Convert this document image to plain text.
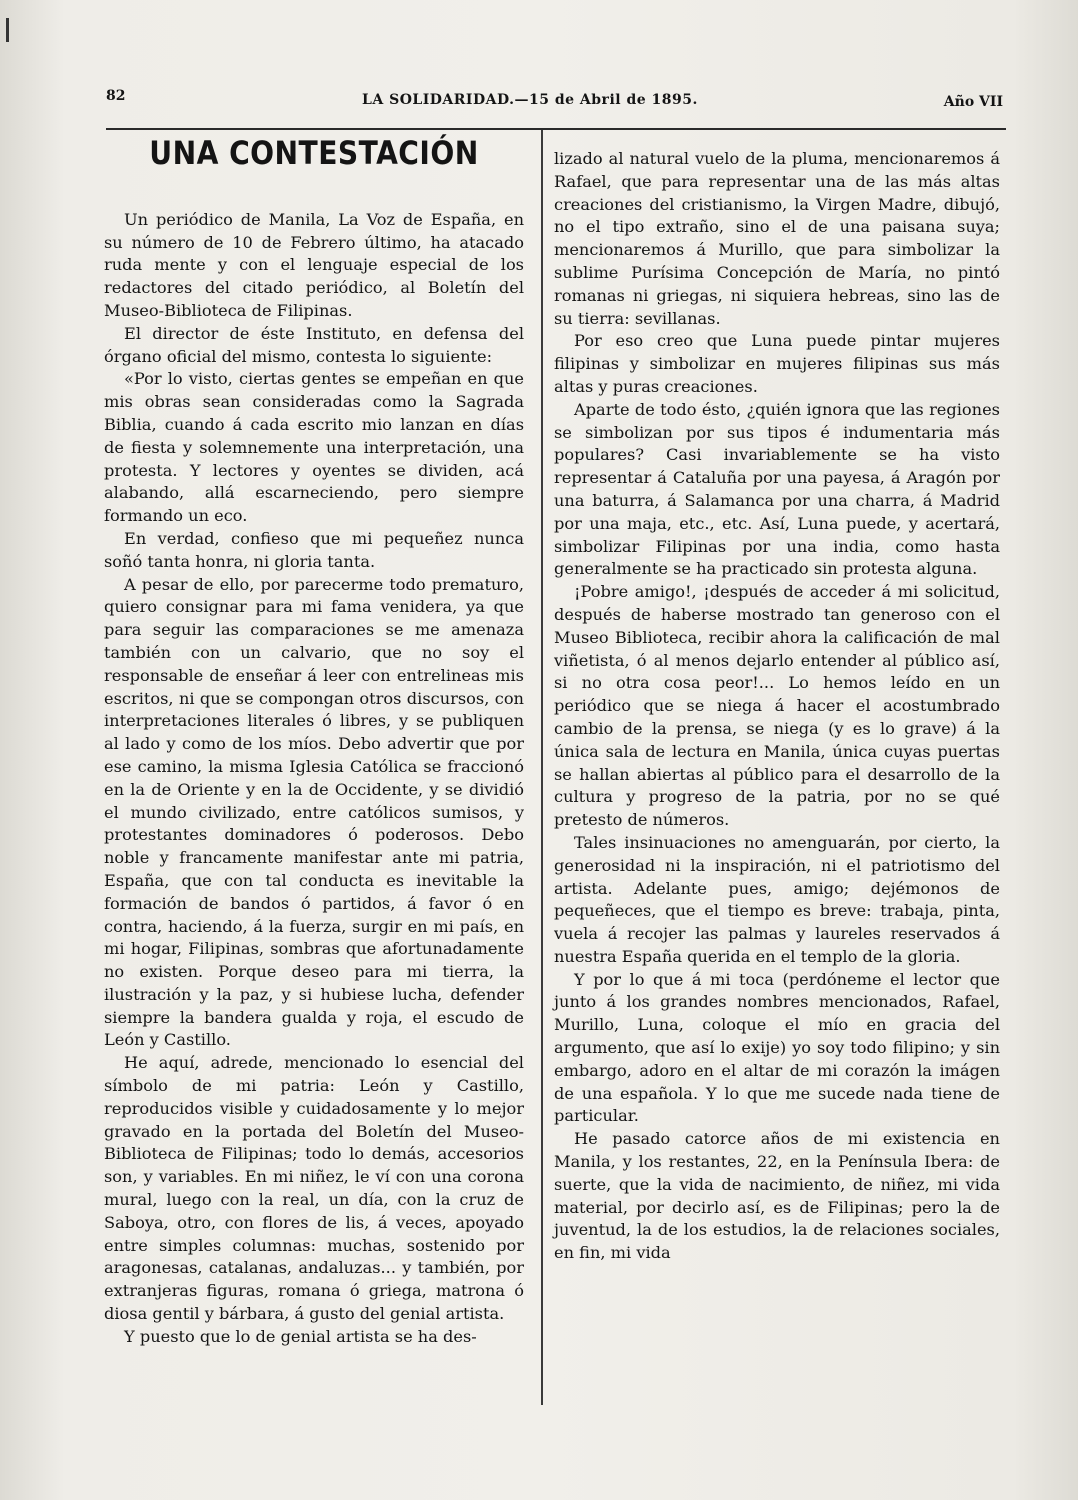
82	LA SOLIDARIDAD.—15 de Abril de 1895.	Año VII
UNA CONTESTACIÓN

Un periódico de Manila, La Voz de España, en su número de 10 de Febrero último, ha atacado ruda mente y con el lenguaje especial de los redactores del citado periódico, al Boletín del Museo-Biblioteca de Filipinas.

El director de éste Instituto, en defensa del órgano oficial del mismo, contesta lo siguiente:

«Por lo visto, ciertas gentes se empeñan en que mis obras sean consideradas como la Sagrada Biblia, cuando á cada escrito mio lanzan en días de fiesta y solemnemente una interpretación, una protesta. Y lectores y oyentes se dividen, acá alabando, allá escarneciendo, pero siempre formando un eco.

En verdad, confieso que mi pequeñez nunca soñó tanta honra, ni gloria tanta.

A pesar de ello, por parecerme todo prematuro, quiero consignar para mi fama venidera, ya que para seguir las comparaciones se me amenaza también con un calvario, que no soy el responsable de enseñar á leer con entrelineas mis escritos, ni que se compongan otros discursos, con interpretaciones literales ó libres, y se publiquen al lado y como de los míos. Debo advertir que por ese camino, la misma Iglesia Católica se fraccionó en la de Oriente y en la de Occidente, y se dividió el mundo civilizado, entre católicos sumisos, y protestantes dominadores ó poderosos. Debo noble y francamente manifestar ante mi patria, España, que con tal conducta es inevitable la formación de bandos ó partidos, á favor ó en contra, haciendo, á la fuerza, surgir en mi país, en mi hogar, Filipinas, sombras que afortunadamente no existen. Porque deseo para mi tierra, la ilustración y la paz, y si hubiese lucha, defender siempre la bandera gualda y roja, el escudo de León y Castillo.

He aquí, adrede, mencionado lo esencial del símbolo de mi patria: León y Castillo, reproducidos visible y cuidadosamente y lo mejor gravado en la portada del Boletín del Museo-Biblioteca de Filipinas; todo lo demás, accesorios son, y variables. En mi niñez, le ví con una corona mural, luego con la real, un día, con la cruz de Saboya, otro, con flores de lis, á veces, apoyado entre simples columnas: muchas, sostenido por aragonesas, catalanas, andaluzas... y también, por extranjeras figuras, romana ó griega, matrona ó diosa gentil y bárbara, á gusto del genial artista.

Y puesto que lo de genial artista se ha des-

lizado al natural vuelo de la pluma, mencionaremos á Rafael, que para representar una de las más altas creaciones del cristianismo, la Virgen Madre, dibujó, no el tipo extraño, sino el de una paisana suya; mencionaremos á Murillo, que para simbolizar la sublime Purísima Concepción de María, no pintó romanas ni griegas, ni siquiera hebreas, sino las de su tierra: sevillanas.

Por eso creo que Luna puede pintar mujeres filipinas y simbolizar en mujeres filipinas sus más altas y puras creaciones.

Aparte de todo ésto, ¿quién ignora que las regiones se simbolizan por sus tipos é indumentaria más populares? Casi invariablemente se ha visto representar á Cataluña por una payesa, á Aragón por una baturra, á Salamanca por una charra, á Madrid por una maja, etc., etc. Así, Luna puede, y acertará, simbolizar Filipinas por una india, como hasta generalmente se ha practicado sin protesta alguna.

¡Pobre amigo!, ¡después de acceder á mi solicitud, después de haberse mostrado tan generoso con el Museo Biblioteca, recibir ahora la calificación de mal viñetista, ó al menos dejarlo entender al público así, si no otra cosa peor!... Lo hemos leído en un periódico que se niega á hacer el acostumbrado cambio de la prensa, se niega (y es lo grave) á la única sala de lectura en Manila, única cuyas puertas se hallan abiertas al público para el desarrollo de la cultura y progreso de la patria, por no se qué pretesto de números.

Tales insinuaciones no amenguarán, por cierto, la generosidad ni la inspiración, ni el patriotismo del artista. Adelante pues, amigo; dejémonos de pequeñeces, que el tiempo es breve: trabaja, pinta, vuela á recojer las palmas y laureles reservados á nuestra España querida en el templo de la gloria.

Y por lo que á mi toca (perdóneme el lector que junto á los grandes nombres mencionados, Rafael, Murillo, Luna, coloque el mío en gracia del argumento, que así lo exije) yo soy todo filipino; y sin embargo, adoro en el altar de mi corazón la imágen de una española. Y lo que me sucede nada tiene de particular.

He pasado catorce años de mi existencia en Manila, y los restantes, 22, en la Península Ibera: de suerte, que la vida de nacimiento, de niñez, mi vida material, por decirlo así, es de Filipinas; pero la de juventud, la de los estudios, la de relaciones sociales, en fin, mi vida
